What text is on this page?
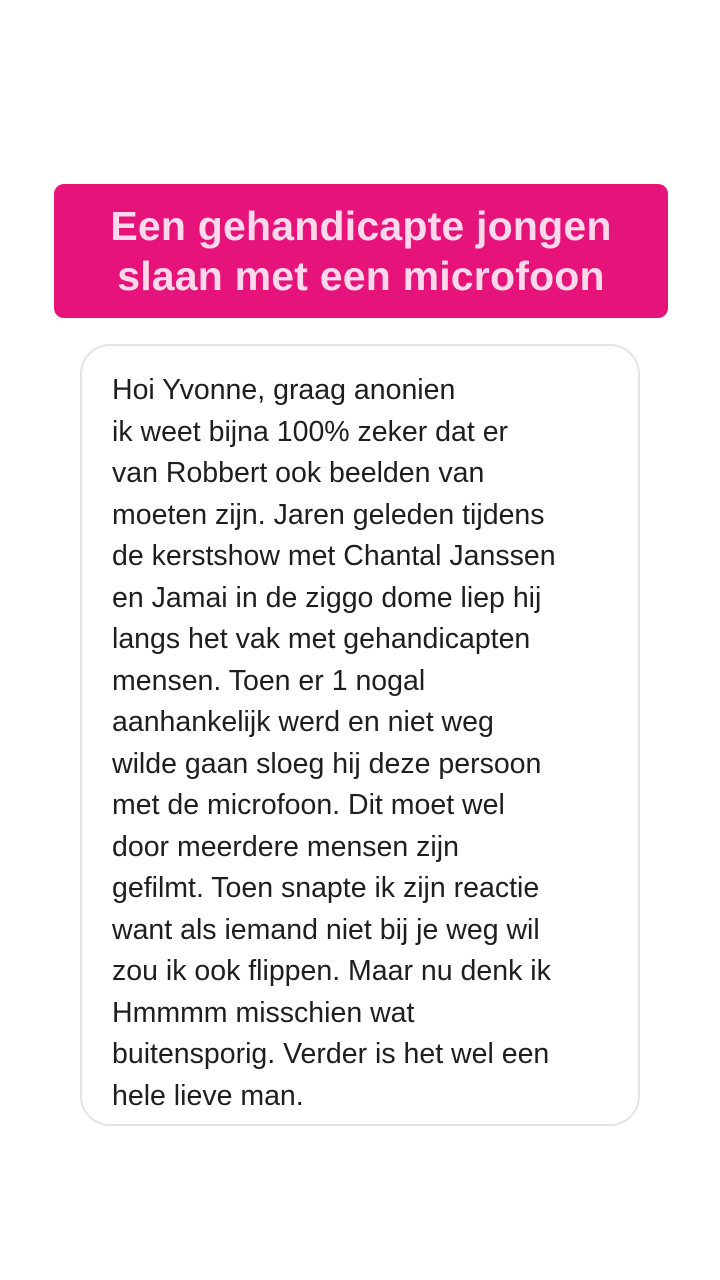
Een gehandicapte jongen
slaan met een microfoon
Hoi Yvonne, graag anonien
ik weet bijna 100% zeker dat er
van Robbert ook beelden van
moeten zijn. Jaren geleden tijdens
de kerstshow met Chantal Janssen
en Jamai in de ziggo dome liep hij
langs het vak met gehandicapten
mensen. Toen er 1 nogal
aanhankelijk werd en niet weg
wilde gaan sloeg hij deze persoon
met de microfoon. Dit moet wel
door meerdere mensen zijn
gefilmt. Toen snapte ik zijn reactie
want als iemand niet bij je weg wil
zou ik ook flippen. Maar nu denk ik
Hmmmm misschien wat
buitensporig. Verder is het wel een
hele lieve man.
